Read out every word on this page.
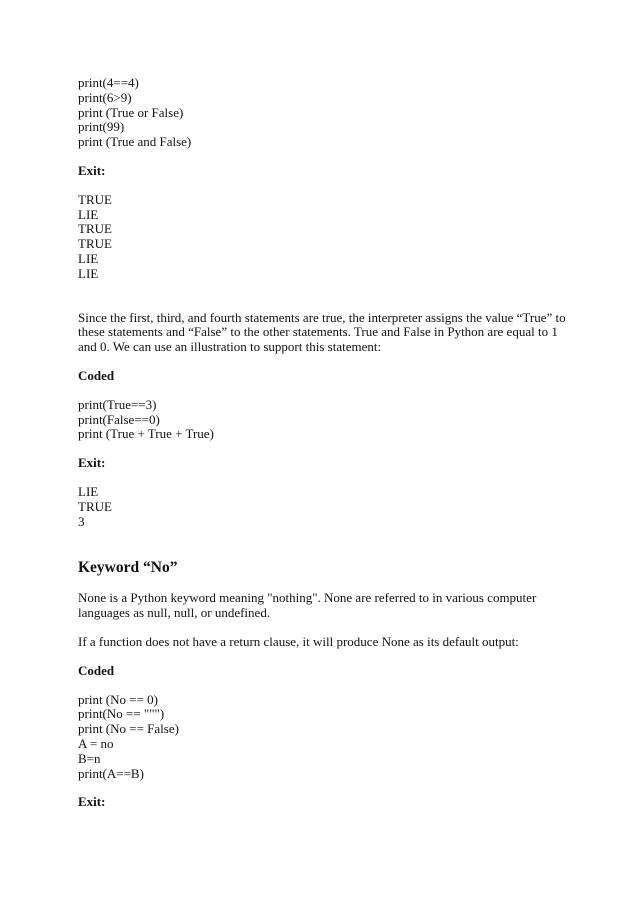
print(4==4)

print(6>9)

print (True or False)

print(99)

print (True and False)

Exit:

TRUE

LIE

TRUE

TRUE

LIE

LIE

Since the first, third, and fourth statements are true, the interpreter assigns the value “True” to these statements and “False” to the other statements. True and False in Python are equal to 1 and 0. We can use an illustration to support this statement:

Coded

print(True==3)

print(False==0)

print (True + True + True)

Exit:

LIE

TRUE

3

Keyword “No”

None is a Python keyword meaning "nothing". None are referred to in various computer languages as null, null, or undefined.

If a function does not have a return clause, it will produce None as its default output:

Coded

print (No == 0)

print(No == """)

print (No == False)

A = no

B=n

print(A==B)

Exit:
